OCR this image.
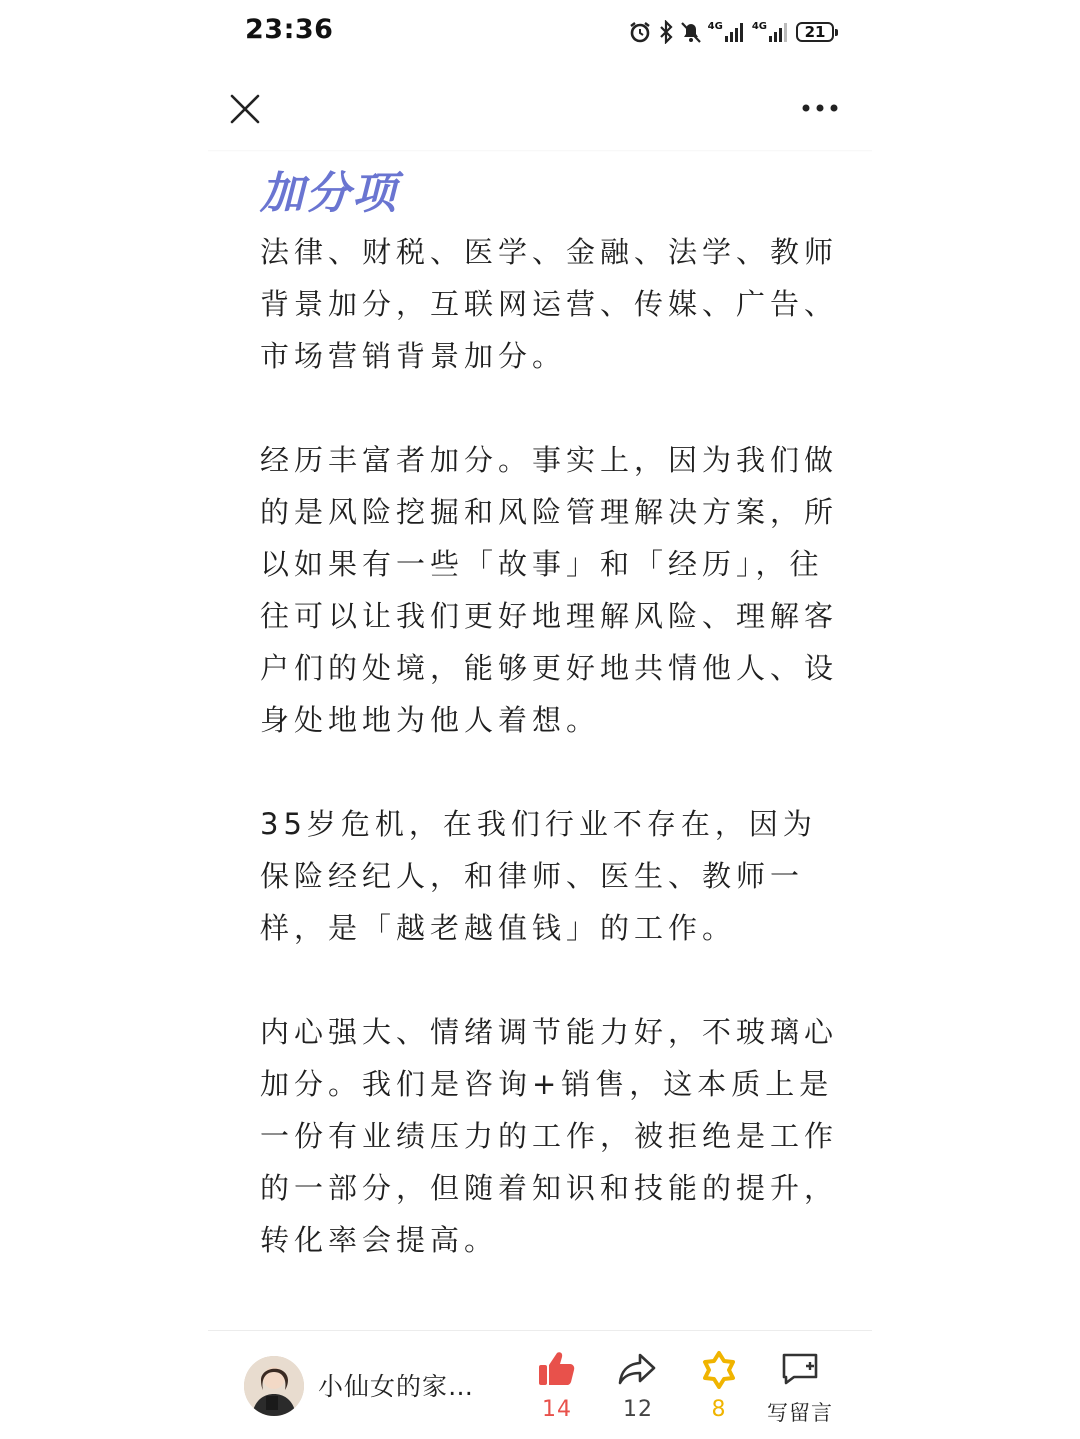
23:36	4G	4G	21
加分项

法律、财税、医学、金融、法学、教师背景加分，互联网运营、传媒、广告、市场营销背景加分。

经历丰富者加分。事实上，因为我们做的是风险挖掘和风险管理解决方案，所以如果有一些「故事」和「经历」，往往可以让我们更好地理解风险、理解客户们的处境，能够更好地共情他人、设身处地地为他人着想。

35岁危机，在我们行业不存在，因为保险经纪人，和律师、医生、教师一样，是「越老越值钱」的工作。

内心强大、情绪调节能力好，不玻璃心加分。我们是咨询+销售，这本质上是一份有业绩压力的工作，被拒绝是工作的一部分，但随着知识和技能的提升，转化率会提高。

小仙女的家…
14	12	8	写留言
